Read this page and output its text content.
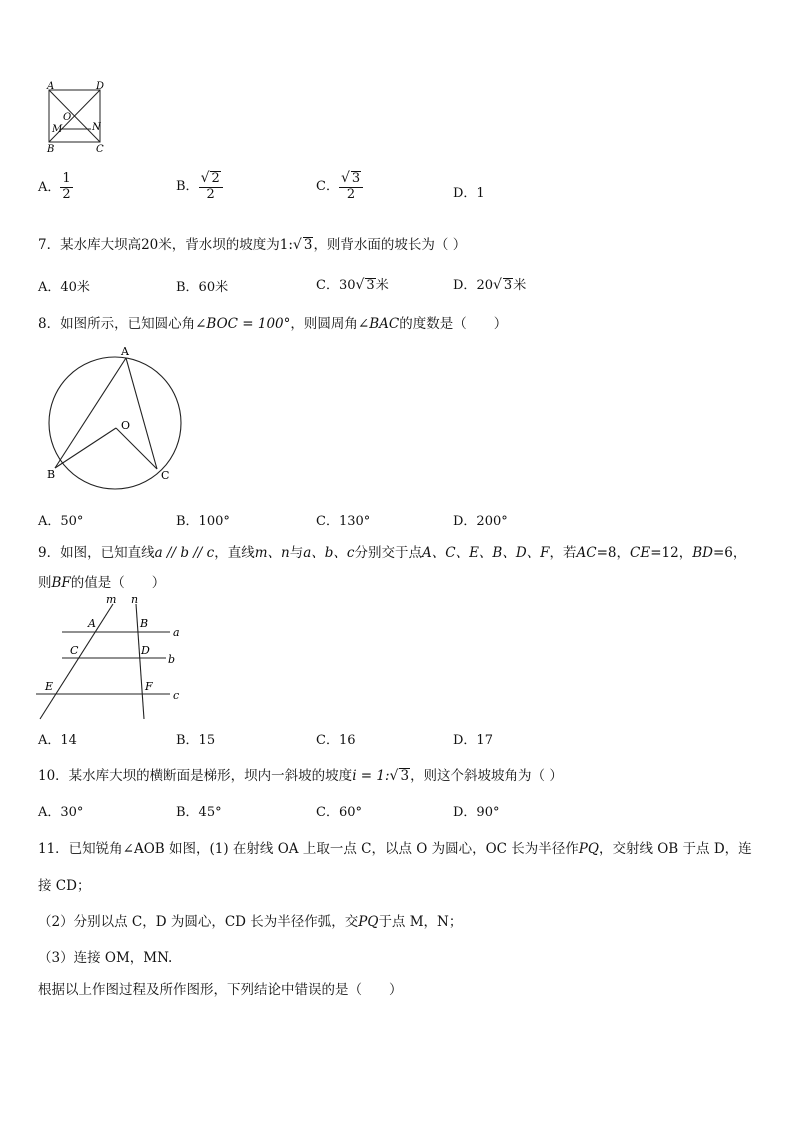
A	D
O
M	N
B	C
A． $\frac{1}{2}$	B． $\frac{√ 2}{2}$	C． $\frac{√ 3}{2}$	D．1
7．某水库大坝高20米，背水坝的坡度为1:√ 3，则背水面的坡长为（ ）
A．40米	B．60米	C．30√ 3米	D．20√ 3米
8．如图所示，已知圆心角∠BOC = 100°，则圆周角∠BAC的度数是（　　）
A
O
B	C
A．50°	B．100°	C．130°	D．200°
9．如图，已知直线a // b // c，直线m、n与a、b、c分别交于点A、C、E、B、D、F，若AC=8，CE=12，BD=6，
则BF的值是（　　）
m n
A	B
a
C	D
b
E	F
c
A．14	B．15	C．16	D．17
10．某水库大坝的横断面是梯形，坝内一斜坡的坡度i = 1:√ 3，则这个斜坡坡角为（ ）
A．30°	B．45°	C．60°	D．90°
11．已知锐角∠AOB 如图，(1) 在射线 OA 上取一点 C，以点 O 为圆心，OC 长为半径作PQ，交射线 OB 于点 D，连
接 CD；
（2）分别以点 C，D 为圆心，CD 长为半径作弧，交PQ于点 M，N；
（3）连接 OM，MN.
根据以上作图过程及所作图形，下列结论中错误的是（　　）
